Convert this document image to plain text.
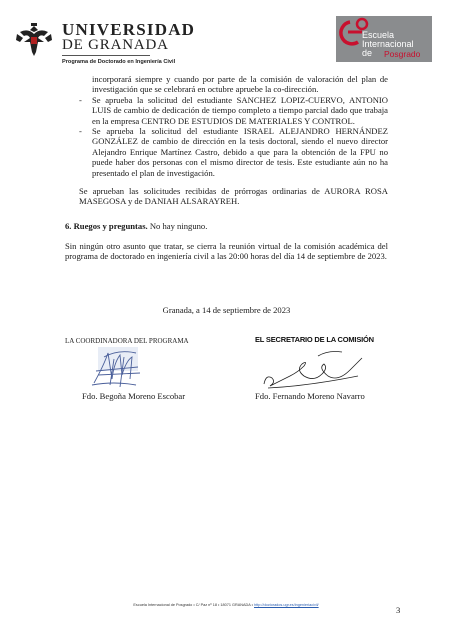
UNIVERSIDAD
DE GRANADA
Programa de Doctorado en Ingeniería Civil
Escuela
Internacional
de Posgrado
incorporará siempre y cuando por parte de la comisión de valoración del plan de investigación que se celebrará en octubre apruebe la co-dirección.
- Se aprueba la solicitud del estudiante SANCHEZ LOPIZ-CUERVO, ANTONIO LUIS de cambio de dedicación de tiempo completo a tiempo parcial dado que trabaja en la empresa CENTRO DE ESTUDIOS DE MATERIALES Y CONTROL.
- Se aprueba la solicitud del estudiante ISRAEL ALEJANDRO HERNÁNDEZ GONZÁLEZ de cambio de dirección en la tesis doctoral, siendo el nuevo director Alejandro Enrique Martínez Castro, debido a que para la obtención de la FPU no puede haber dos personas con el mismo director de tesis. Este estudiante aún no ha presentado el plan de investigación.
Se aprueban las solicitudes recibidas de prórrogas ordinarias de AURORA ROSA MASEGOSA y de DANIAH ALSARAYREH.
6. Ruegos y preguntas. No hay ninguno.
Sin ningún otro asunto que tratar, se cierra la reunión virtual de la comisión académica del programa de doctorado en ingeniería civil a las 20:00 horas del día 14 de septiembre de 2023.
Granada, a 14 de septiembre de 2023
LA COORDINADORA DEL PROGRAMA	EL SECRETARIO DE LA COMISIÓN
Fdo. Begoña Moreno Escobar	Fdo. Fernando Moreno Navarro
Escuela Internacional de Posgrado • C/ Paz nº 18 • 18071 GRANADA • http://doctorados.ugr.es/ingenieriacivil/	3
